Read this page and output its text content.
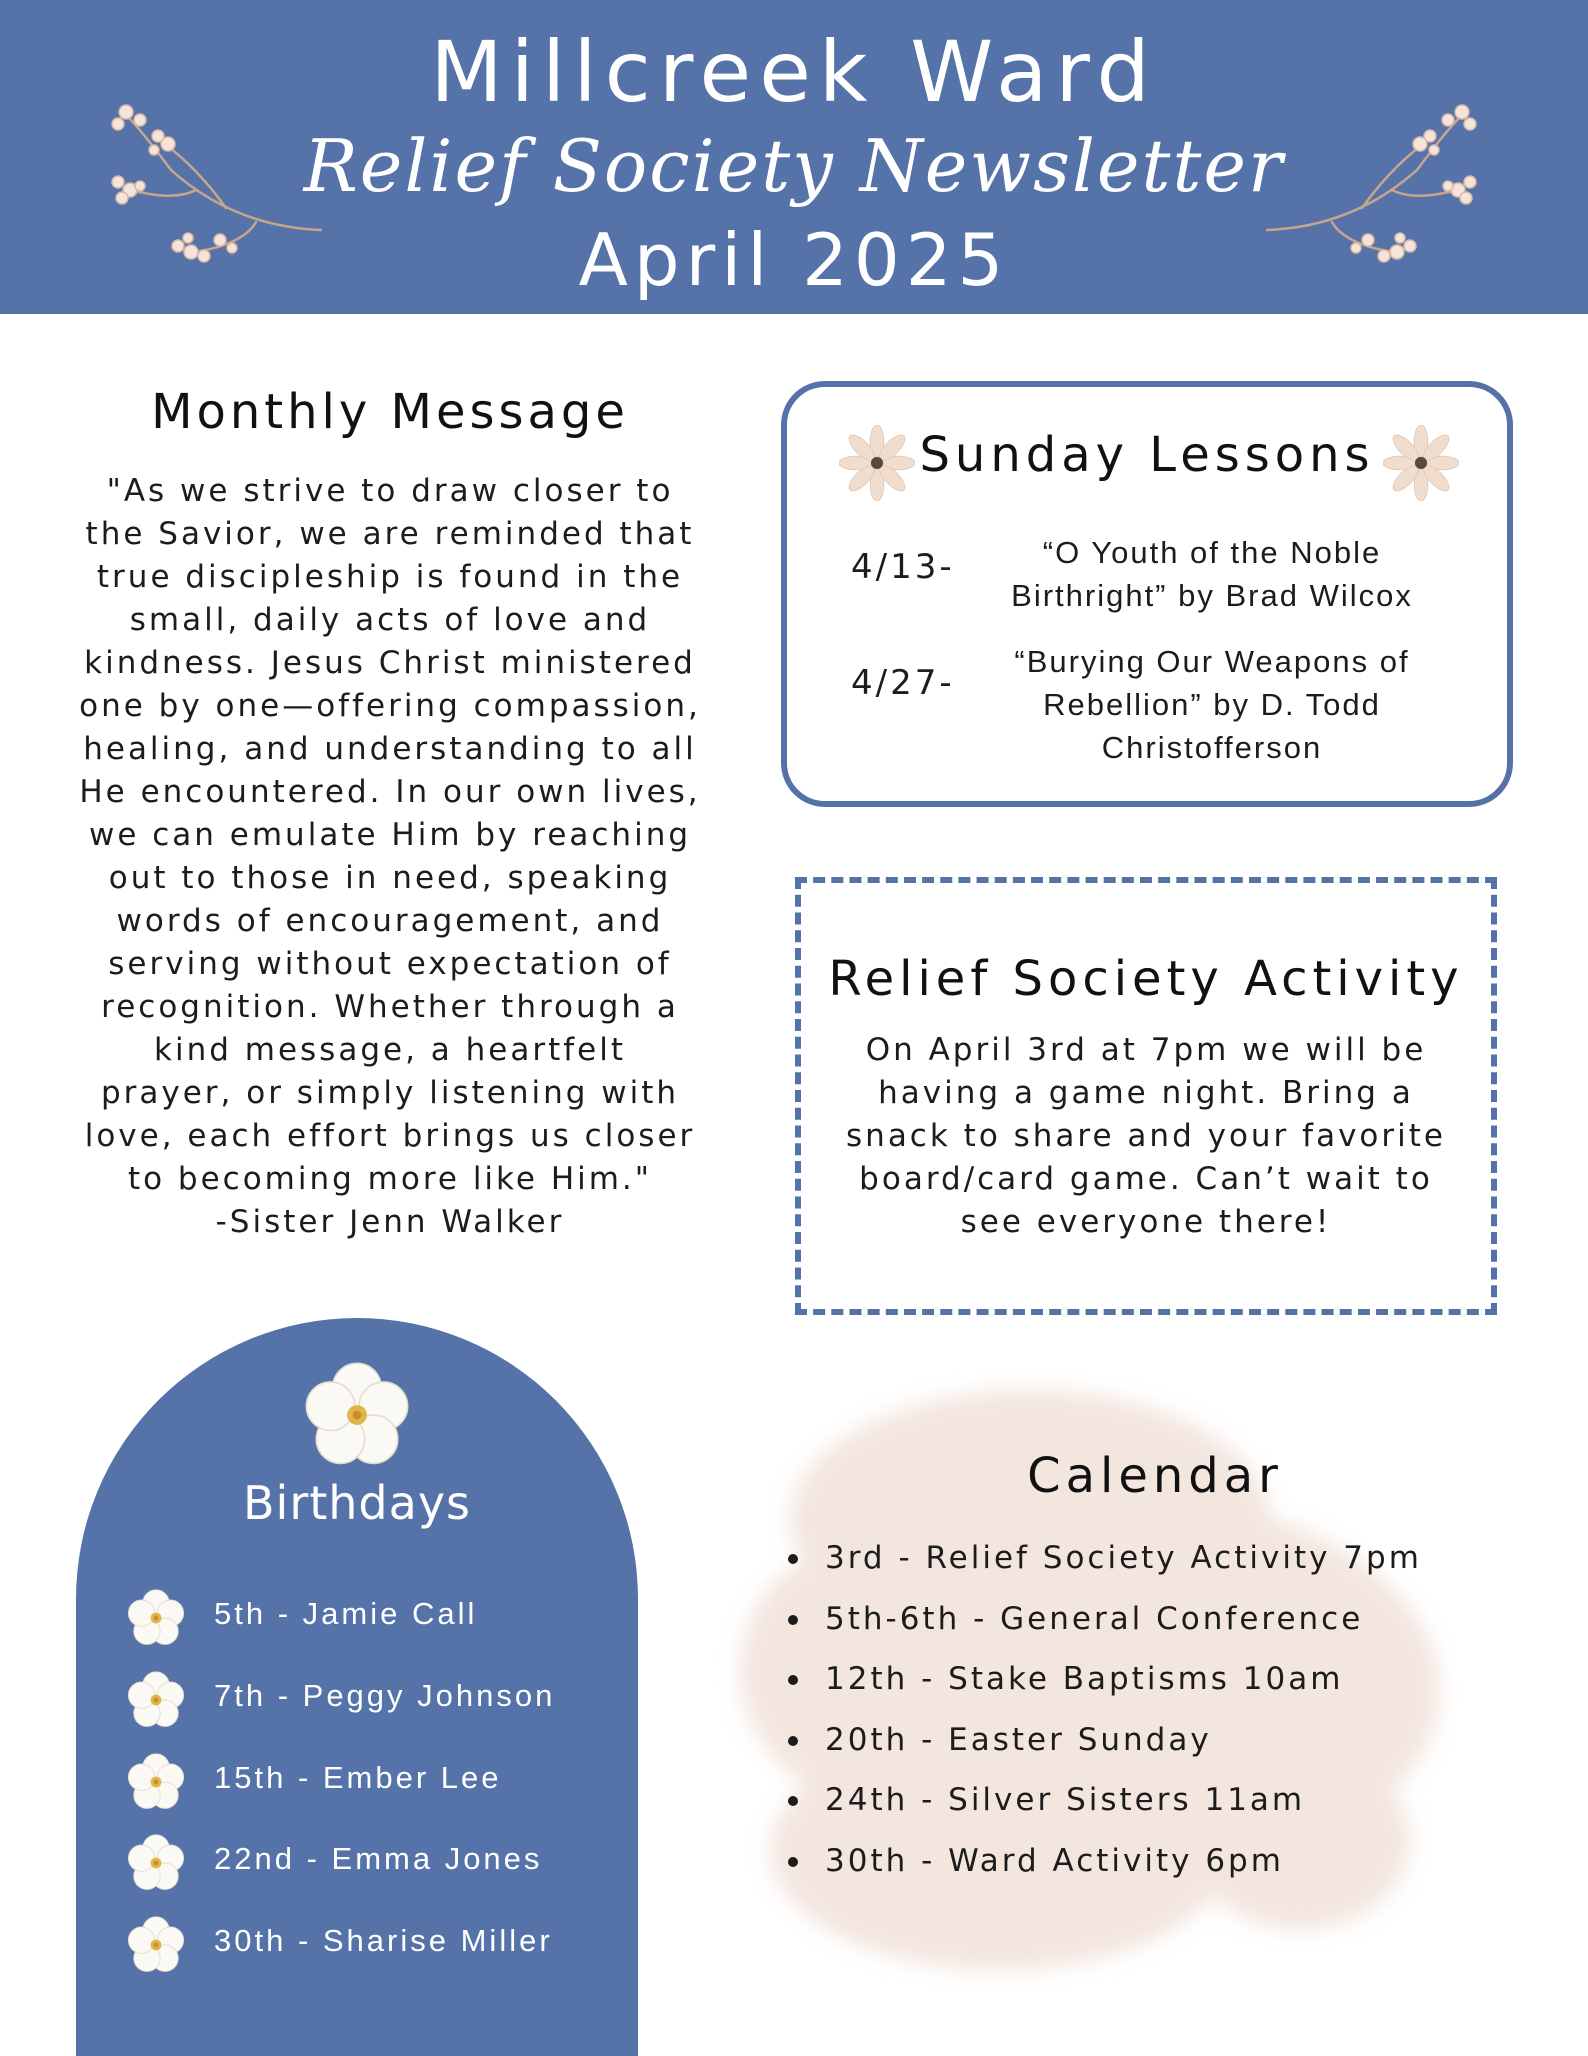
Millcreek Ward
Relief Society Newsletter
April 2025
Monthly Message
"As we strive to draw closer to
the Savior, we are reminded that
true discipleship is found in the
small, daily acts of love and
kindness. Jesus Christ ministered
one by one—offering compassion,
healing, and understanding to all
He encountered. In our own lives,
we can emulate Him by reaching
out to those in need, speaking
words of encouragement, and
serving without expectation of
recognition. Whether through a
kind message, a heartfelt
prayer, or simply listening with
love, each effort brings us closer
to becoming more like Him."
-Sister Jenn Walker
Sunday Lessons
4/13-	“O Youth of the Noble
Birthright” by Brad Wilcox
4/27-
“Burying Our Weapons of
Rebellion” by D. Todd
Christofferson
Relief Society Activity
On April 3rd at 7pm we will be
having a game night. Bring a
snack to share and your favorite
board/card game. Can’t wait to
see everyone there!
Birthdays
5th - Jamie Call
7th - Peggy Johnson
15th - Ember Lee
22nd - Emma Jones
30th - Sharise Miller
Calendar
3rd - Relief Society Activity 7pm
5th-6th - General Conference
12th - Stake Baptisms 10am
20th - Easter Sunday
24th - Silver Sisters 11am
30th - Ward Activity 6pm
